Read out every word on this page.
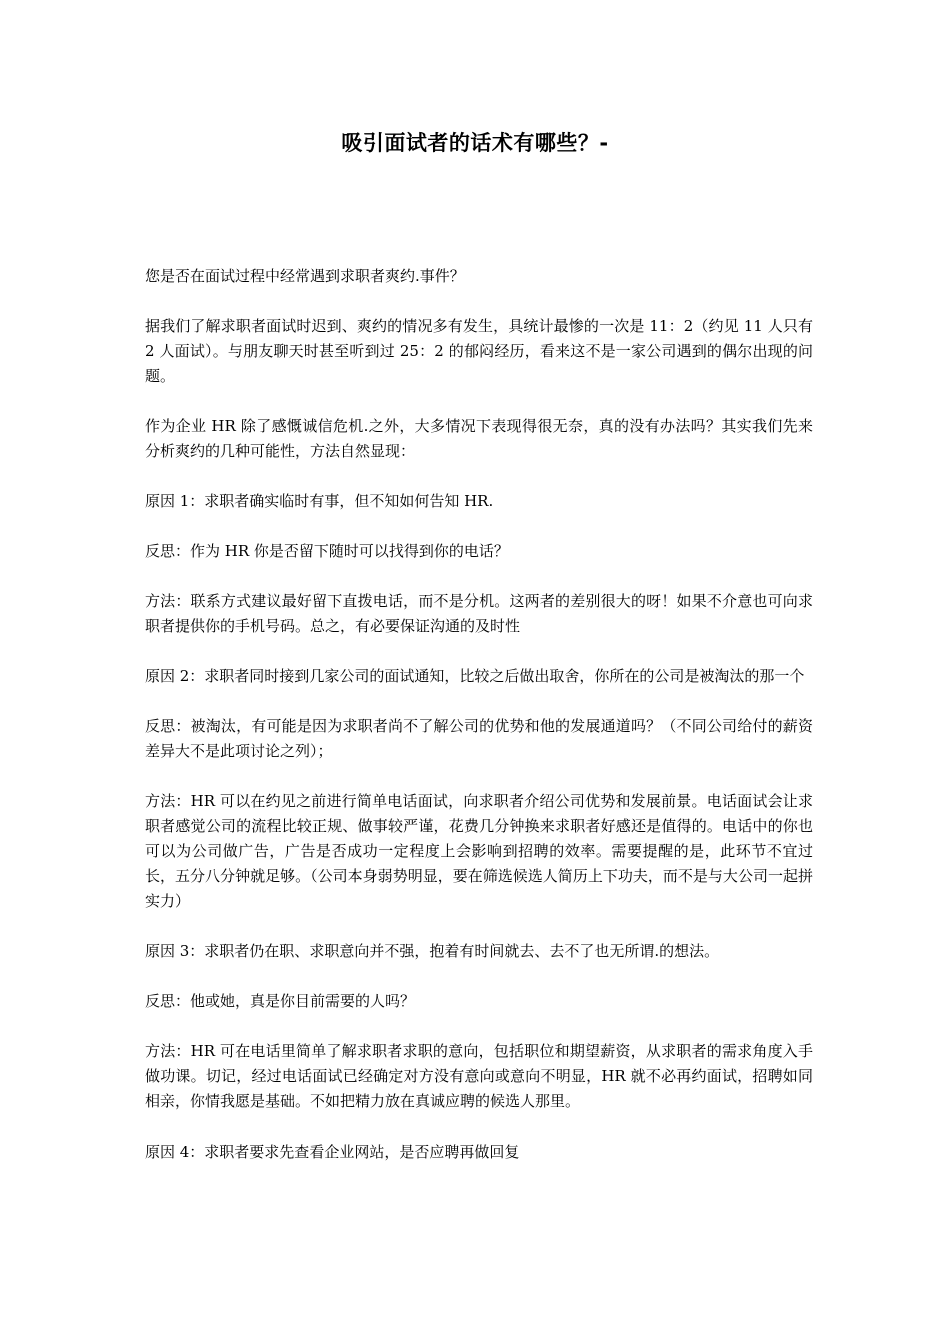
吸引面试者的话术有哪些？-

您是否在面试过程中经常遇到求职者爽约.事件？

据我们了解求职者面试时迟到、爽约的情况多有发生，具统计最惨的一次是 11：2（约见 11 人只有 2 人面试）。与朋友聊天时甚至听到过 25：2 的郁闷经历，看来这不是一家公司遇到的偶尔出现的问题。

作为企业 HR 除了感慨诚信危机.之外，大多情况下表现得很无奈，真的没有办法吗？其实我们先来分析爽约的几种可能性，方法自然显现：

原因 1：求职者确实临时有事，但不知如何告知 HR.

反思：作为 HR 你是否留下随时可以找得到你的电话？

方法：联系方式建议最好留下直拨电话，而不是分机。这两者的差别很大的呀！如果不介意也可向求职者提供你的手机号码。总之，有必要保证沟通的及时性

原因 2：求职者同时接到几家公司的面试通知，比较之后做出取舍，你所在的公司是被淘汰的那一个

反思：被淘汰，有可能是因为求职者尚不了解公司的优势和他的发展通道吗？（不同公司给付的薪资差异大不是此项讨论之列）；

方法：HR 可以在约见之前进行简单电话面试，向求职者介绍公司优势和发展前景。电话面试会让求职者感觉公司的流程比较正规、做事较严谨，花费几分钟换来求职者好感还是值得的。电话中的你也可以为公司做广告，广告是否成功一定程度上会影响到招聘的效率。需要提醒的是，此环节不宜过长，五分八分钟就足够。（公司本身弱势明显，要在筛选候选人简历上下功夫，而不是与大公司一起拼实力）

原因 3：求职者仍在职、求职意向并不强，抱着有时间就去、去不了也无所谓.的想法。

反思：他或她，真是你目前需要的人吗？

方法：HR 可在电话里简单了解求职者求职的意向，包括职位和期望薪资，从求职者的需求角度入手做功课。切记，经过电话面试已经确定对方没有意向或意向不明显，HR 就不必再约面试，招聘如同相亲，你情我愿是基础。不如把精力放在真诚应聘的候选人那里。

原因 4：求职者要求先查看企业网站，是否应聘再做回复
